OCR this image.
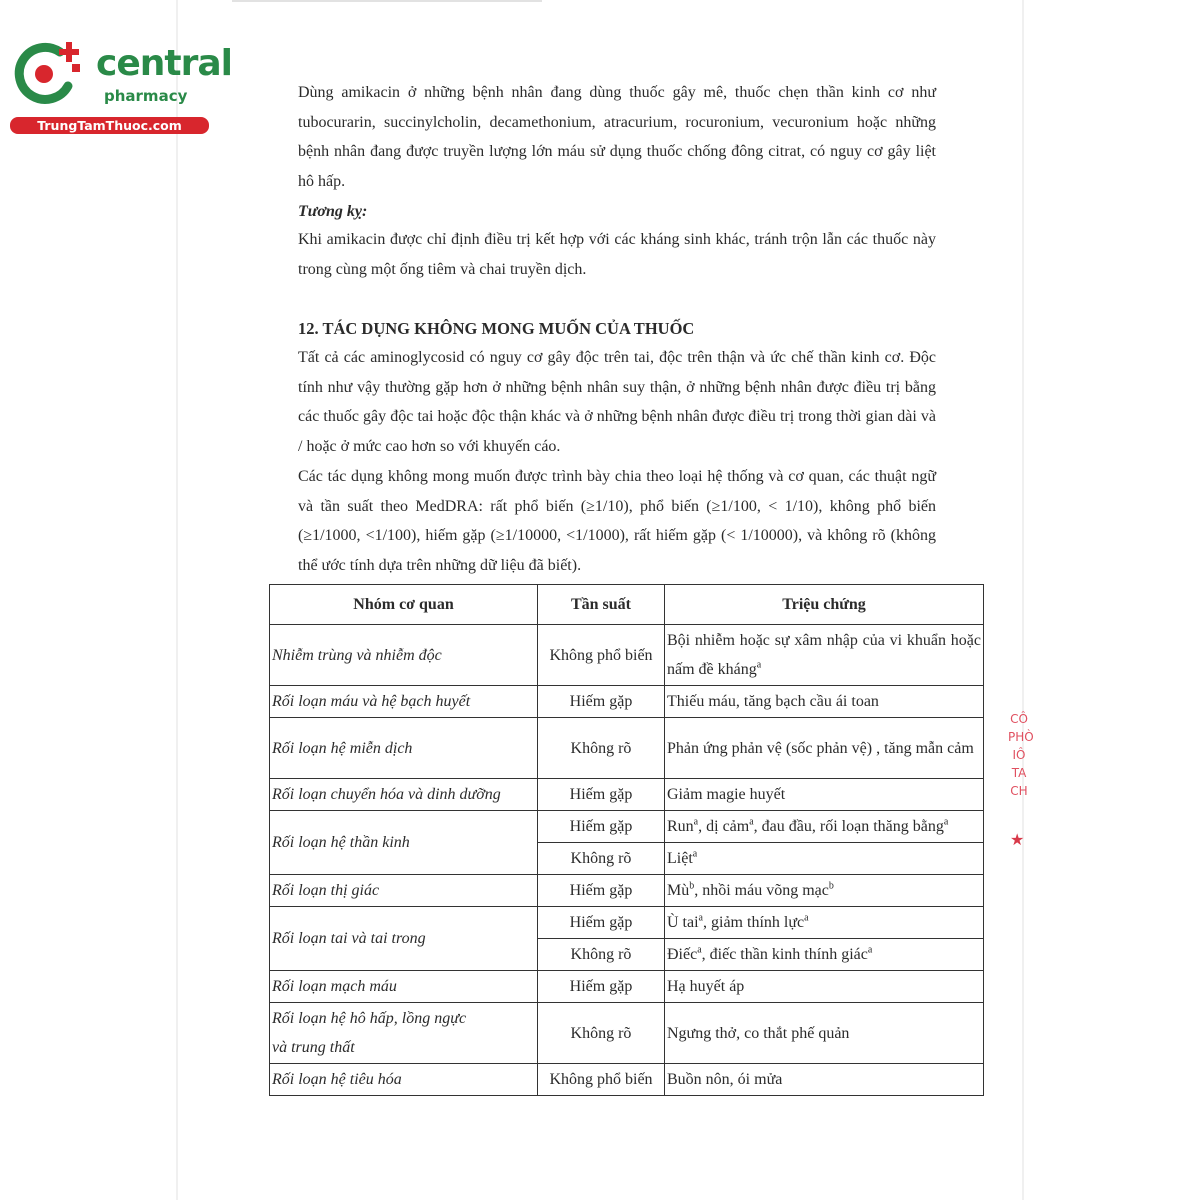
central
pharmacy
TrungTamThuoc.com

Dùng amikacin ở những bệnh nhân đang dùng thuốc gây mê, thuốc chẹn thần kinh cơ như tubocurarin, succinylcholin, decamethonium, atracurium, rocuronium, vecuronium hoặc những bệnh nhân đang được truyền lượng lớn máu sử dụng thuốc chống đông citrat, có nguy cơ gây liệt hô hấp.

Tương kỵ:

Khi amikacin được chỉ định điều trị kết hợp với các kháng sinh khác, tránh trộn lẫn các thuốc này trong cùng một ống tiêm và chai truyền dịch.

12. TÁC DỤNG KHÔNG MONG MUỐN CỦA THUỐC

Tất cả các aminoglycosid có nguy cơ gây độc trên tai, độc trên thận và ức chế thần kinh cơ. Độc tính như vậy thường gặp hơn ở những bệnh nhân suy thận, ở những bệnh nhân được điều trị bằng các thuốc gây độc tai hoặc độc thận khác và ở những bệnh nhân được điều trị trong thời gian dài và / hoặc ở mức cao hơn so với khuyến cáo.

Các tác dụng không mong muốn được trình bày chia theo loại hệ thống và cơ quan, các thuật ngữ và tần suất theo MedDRA: rất phổ biến (≥1/10), phổ biến (≥1/100, < 1/10), không phổ biến (≥1/1000, <1/100), hiếm gặp (≥1/10000, <1/1000), rất hiếm gặp (< 1/10000), và không rõ (không thể ước tính dựa trên những dữ liệu đã biết).

Nhóm cơ quan	Tần suất	Triệu chứng
Nhiễm trùng và nhiễm độc	Không phổ biến	Bội nhiễm hoặc sự xâm nhập của vi khuẩn hoặc nấm đề kháng$^a$
Rối loạn máu và hệ bạch huyết	Hiếm gặp	Thiếu máu, tăng bạch cầu ái toan
Rối loạn hệ miễn dịch	Không rõ	Phản ứng phản vệ (sốc phản vệ) , tăng mẫn cảm
Rối loạn chuyển hóa và dinh dưỡng	Hiếm gặp	Giảm magie huyết
Rối loạn hệ thần kinh	Hiếm gặp	Run$^a$, dị cảm$^a$, đau đầu, rối loạn thăng bằng$^a$
	Không rõ	Liệt$^a$
Rối loạn thị giác	Hiếm gặp	$Mù^b$, nhồi máu võng mạc$^b$
Rối loạn tai và tai trong	Hiếm gặp	Ù tai$^a$, giảm thính lực$^a$
	Không rõ	Điếc$^a$, điếc thần kinh thính giác$^a$
Rối loạn mạch máu	Hiếm gặp	Hạ huyết áp
Rối loạn hệ hô hấp, lồng ngực
và trung thất	Không rõ	Ngưng thở, co thắt phế quản
Rối loạn hệ tiêu hóa	Không phổ biến	Buồn nôn, ói mửa
CÔ
PHÒ
IÔ
TA
CH
★
